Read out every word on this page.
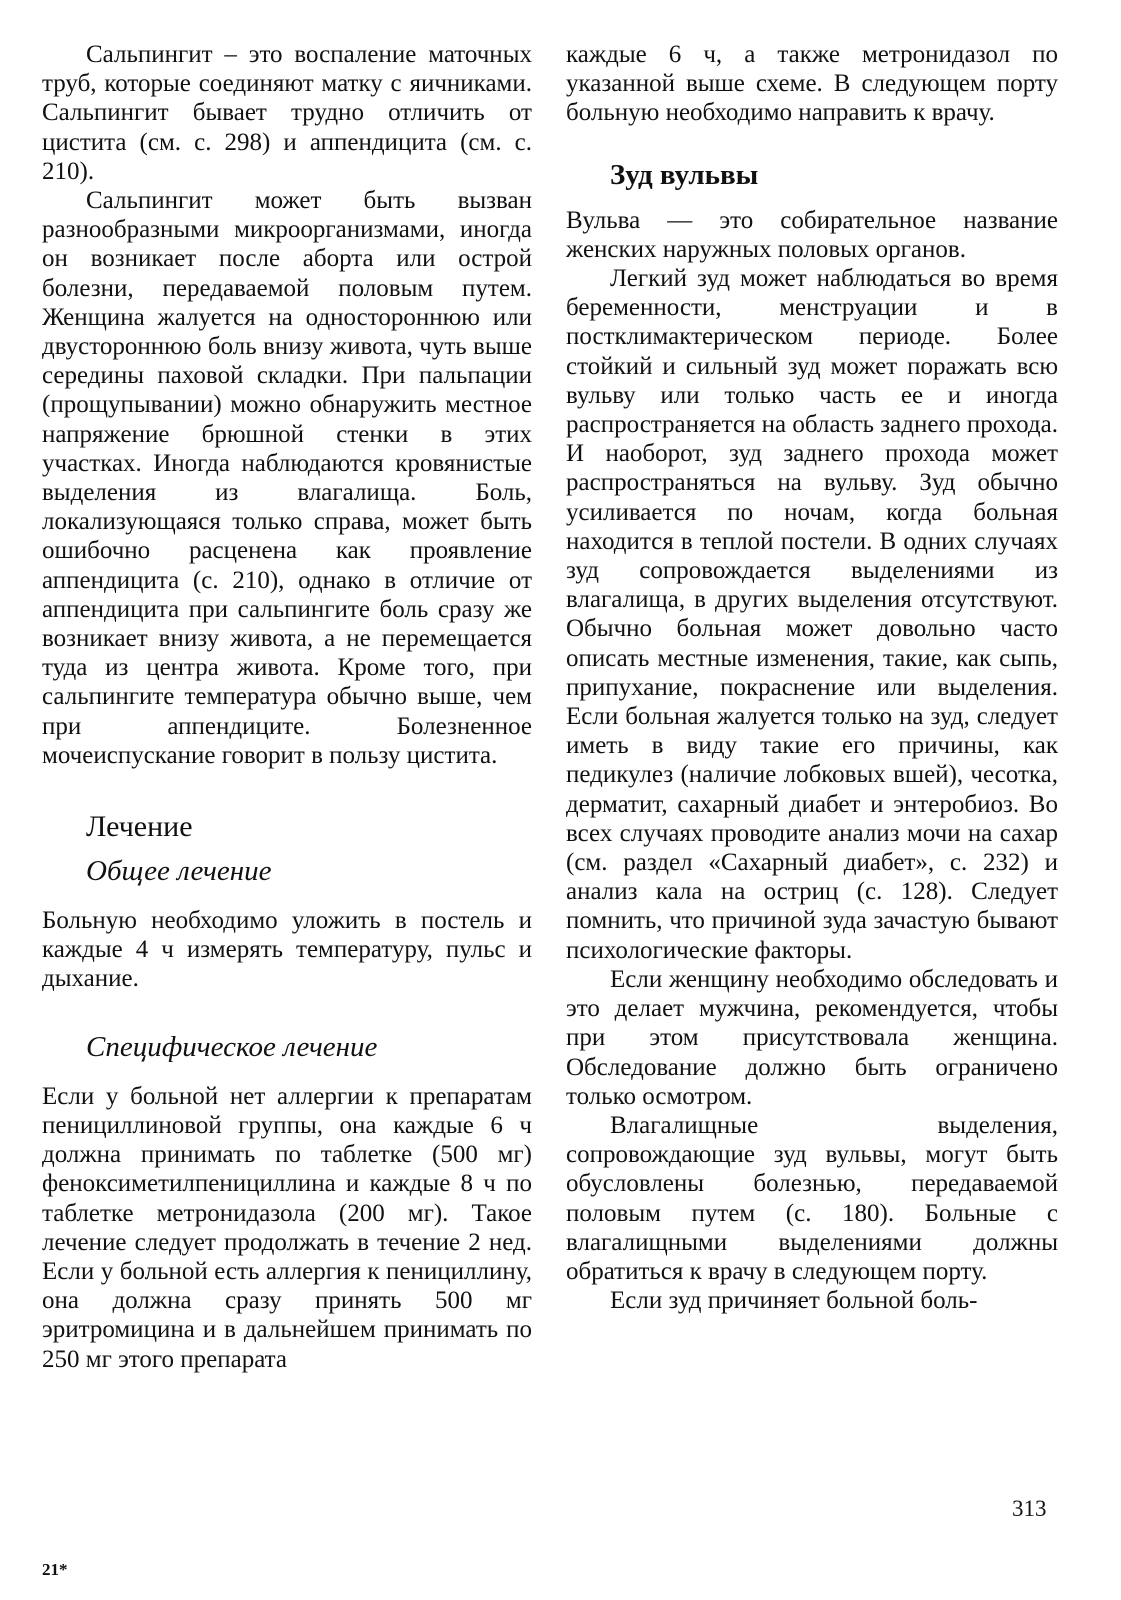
Сальпингит – это воспаление маточных труб, которые соединяют матку с яичниками. Сальпингит бывает трудно отличить от цистита (см. с. 298) и аппендицита (см. с. 210).

Сальпингит может быть вызван разнообразными микроорганизмами, иногда он возникает после аборта или острой болезни, передаваемой половым путем. Женщина жалуется на одностороннюю или двустороннюю боль внизу живота, чуть выше середины паховой складки. При пальпации (прощупывании) можно обнаружить местное напряжение брюшной стенки в этих участках. Иногда наблюдаются кровянистые выделения из влагалища. Боль, локализующаяся только справа, может быть ошибочно расценена как проявление аппендицита (с. 210), однако в отличие от аппендицита при сальпингите боль сразу же возникает внизу живота, а не перемещается туда из центра живота. Кроме того, при сальпингите температура обычно выше, чем при аппендиците. Болезненное мочеиспускание говорит в пользу цистита.

Лечение
Общее лечение

Больную необходимо уложить в постель и каждые 4 ч измерять температуру, пульс и дыхание.

Специфическое лечение

Если у больной нет аллергии к препаратам пенициллиновой группы, она каждые 6 ч должна принимать по таблетке (500 мг) феноксиметилпенициллина и каждые 8 ч по таблетке метронидазола (200 мг). Такое лечение следует продолжать в течение 2 нед. Если у больной есть аллергия к пенициллину, она должна сразу принять 500 мг эритромицина и в дальнейшем принимать по 250 мг этого препарата

каждые 6 ч, а также метронидазол по указанной выше схеме. В следующем порту больную необходимо направить к врачу.

Зуд вульвы

Вульва — это собирательное название женских наружных половых органов.

Легкий зуд может наблюдаться во время беременности, менструации и в постклимактерическом периоде. Более стойкий и сильный зуд может поражать всю вульву или только часть ее и иногда распространяется на область заднего прохода. И наоборот, зуд заднего прохода может распространяться на вульву. Зуд обычно усиливается по ночам, когда больная находится в теплой постели. В одних случаях зуд сопровождается выделениями из влагалища, в других выделения отсутствуют. Обычно больная может довольно часто описать местные изменения, такие, как сыпь, припухание, покраснение или выделения. Если больная жалуется только на зуд, следует иметь в виду такие его причины, как педикулез (наличие лобковых вшей), чесотка, дерматит, сахарный диабет и энтеробиоз. Во всех случаях проводите анализ мочи на сахар (см. раздел «Сахарный диабет», с. 232) и анализ кала на остриц (с. 128). Следует помнить, что причиной зуда зачастую бывают психологические факторы.

Если женщину необходимо обследовать и это делает мужчина, рекомендуется, чтобы при этом присутствовала женщина. Обследование должно быть ограничено только осмотром.

Влагалищные выделения, сопровождающие зуд вульвы, могут быть обусловлены болезнью, передаваемой половым путем (с. 180). Больные с влагалищными выделениями должны обратиться к врачу в следующем порту.

Если зуд причиняет больной боль-

313
21*
